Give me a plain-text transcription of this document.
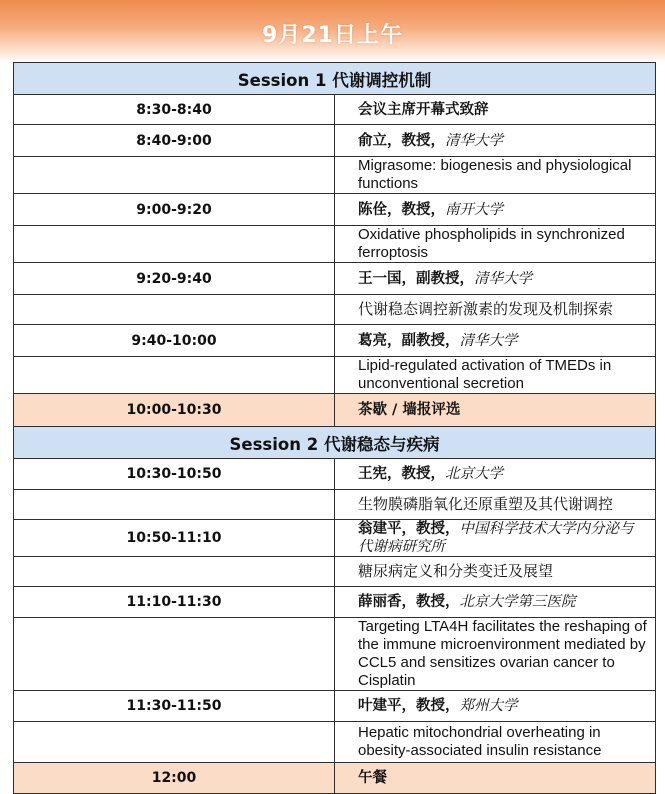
9月21日上午
Session 1 代谢调控机制	
8:30-8:40	会议主席开幕式致辞
8:40-9:00	俞立，教授，清华大学
	Migrasome: biogenesis and physiological functions
9:00-9:20	陈佺，教授，南开大学
	Oxidative phospholipids in synchronized ferroptosis
9:20-9:40	王一国，副教授，清华大学
	代谢稳态调控新激素的发现及机制探索
9:40-10:00	葛亮，副教授，清华大学
	Lipid-regulated activation of TMEDs in unconventional secretion
10:00-10:30	茶歇 / 墙报评选
Session 2 代谢稳态与疾病	
10:30-10:50	王宪，教授，北京大学
	生物膜磷脂氧化还原重塑及其代谢调控
10:50-11:10	翁建平，教授，中国科学技术大学内分泌与代谢病研究所
	糖尿病定义和分类变迁及展望
11:10-11:30	薛丽香，教授，北京大学第三医院
	Targeting LTA4H facilitates the reshaping of the immune microenvironment mediated by CCL5 and sensitizes ovarian cancer to Cisplatin
11:30-11:50	叶建平，教授，郑州大学
	Hepatic mitochondrial overheating in obesity-associated insulin resistance
12:00	午餐
